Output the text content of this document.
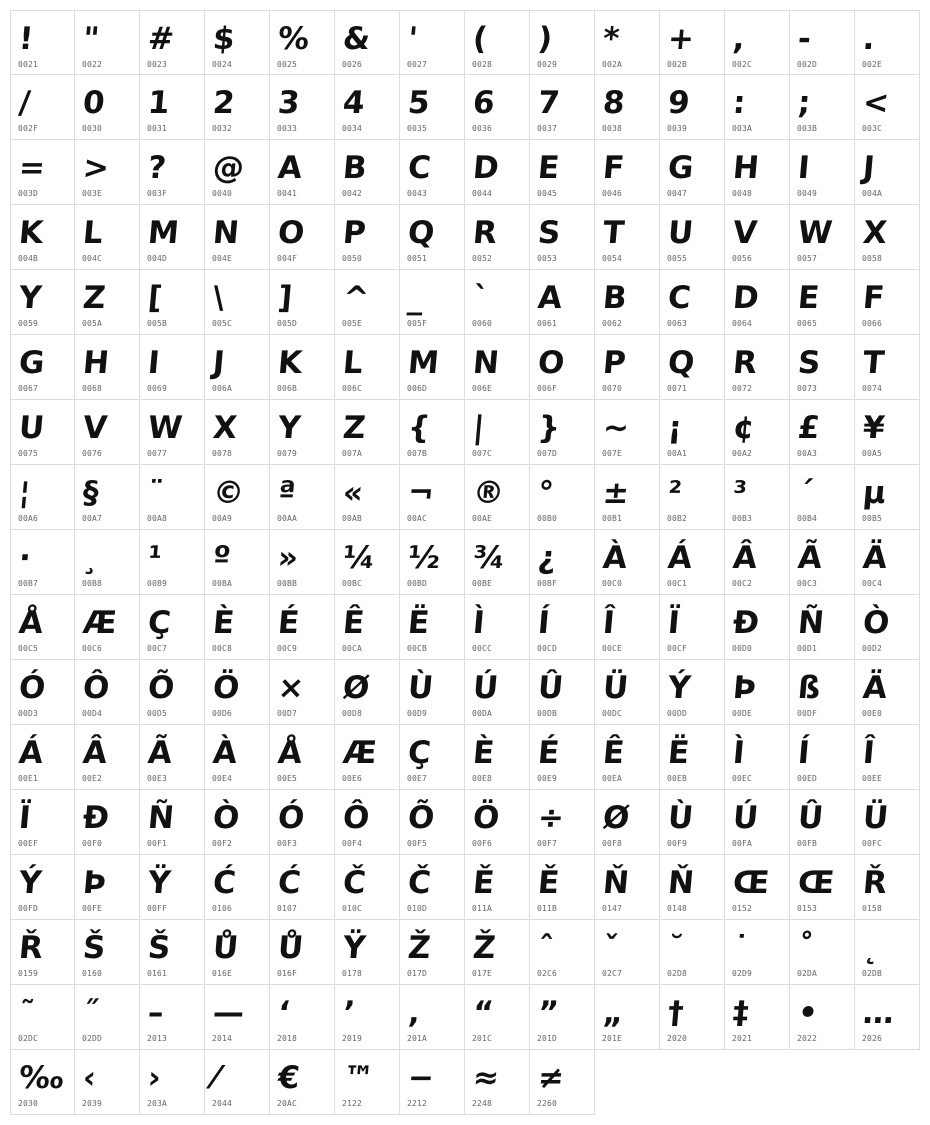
!
0021
"
0022
#
0023
$
0024
%
0025
&
0026
'
0027
(
0028
)
0029
*
002A
+
002B
,
002C
-
002D
.
002E
/
002F
0
0030
1
0031
2
0032
3
0033
4
0034
5
0035
6
0036
7
0037
8
0038
9
0039
:
003A
;
003B
<
003C
=
003D
>
003E
?
003F
@
0040
A
0041
B
0042
C
0043
D
0044
E
0045
F
0046
G
0047
H
0048
I
0049
J
004A
K
004B
L
004C
M
004D
N
004E
O
004F
P
0050
Q
0051
R
0052
S
0053
T
0054
U
0055
V
0056
W
0057
X
0058
Y
0059
Z
005A
[
005B
\
005C
]
005D
^
005E
_
005F
`
0060
A
0061
B
0062
C
0063
D
0064
E
0065
F
0066
G
0067
H
0068
I
0069
J
006A
K
006B
L
006C
M
006D
N
006E
O
006F
P
0070
Q
0071
R
0072
S
0073
T
0074
U
0075
V
0076
W
0077
X
0078
Y
0079
Z
007A
{
007B
|
007C
}
007D
~
007E
¡
00A1
¢
00A2
£
00A3
¥
00A5
¦
00A6
§
00A7
¨
00A8
©
00A9
ª
00AA
«
00AB
¬
00AC
®
00AE
°
00B0
±
00B1
²
00B2
³
00B3
´
00B4
µ
00B5
·
00B7
¸
00B8
¹
00B9
º
00BA
»
00BB
¼
00BC
½
00BD
¾
00BE
¿
00BF
À
00C0
Á
00C1
Â
00C2
Ã
00C3
Ä
00C4
Å
00C5
Æ
00C6
Ç
00C7
È
00C8
É
00C9
Ê
00CA
Ë
00CB
Ì
00CC
Í
00CD
Î
00CE
Ï
00CF
Đ
00D0
Ñ
00D1
Ò
00D2
Ó
00D3
Ô
00D4
Õ
00D5
Ö
00D6
×
00D7
Ø
00D8
Ù
00D9
Ú
00DA
Û
00DB
Ü
00DC
Ý
00DD
Þ
00DE
ß
00DF
Ä
00E0
Á
00E1
Â
00E2
Ã
00E3
À
00E4
Å
00E5
Æ
00E6
Ç
00E7
È
00E8
É
00E9
Ê
00EA
Ë
00EB
Ì
00EC
Í
00ED
Î
00EE
Ï
00EF
Đ
00F0
Ñ
00F1
Ò
00F2
Ó
00F3
Ô
00F4
Õ
00F5
Ö
00F6
÷
00F7
Ø
00F8
Ù
00F9
Ú
00FA
Û
00FB
Ü
00FC
Ý
00FD
Þ
00FE
Ÿ
00FF
Ć
0106
Ć
0107
Č
010C
Č
010D
Ě
011A
Ě
011B
Ň
0147
Ň
0148
Œ
0152
Œ
0153
Ř
0158
Ř
0159
Š
0160
Š
0161
Ů
016E
Ů
016F
Ÿ
0178
Ž
017D
Ž
017E
ˆ
02C6
ˇ
02C7
˘
02D8
˙
02D9
˚
02DA
˛
02DB
˜
02DC
˝
02DD
–
2013
—
2014
‘
2018
’
2019
‚
201A
“
201C
”
201D
„
201E
†
2020
‡
2021
•
2022
…
2026
‰
2030
‹
2039
›
203A
⁄
2044
€
20AC
™
2122
−
2212
≈
2248
≠
2260
